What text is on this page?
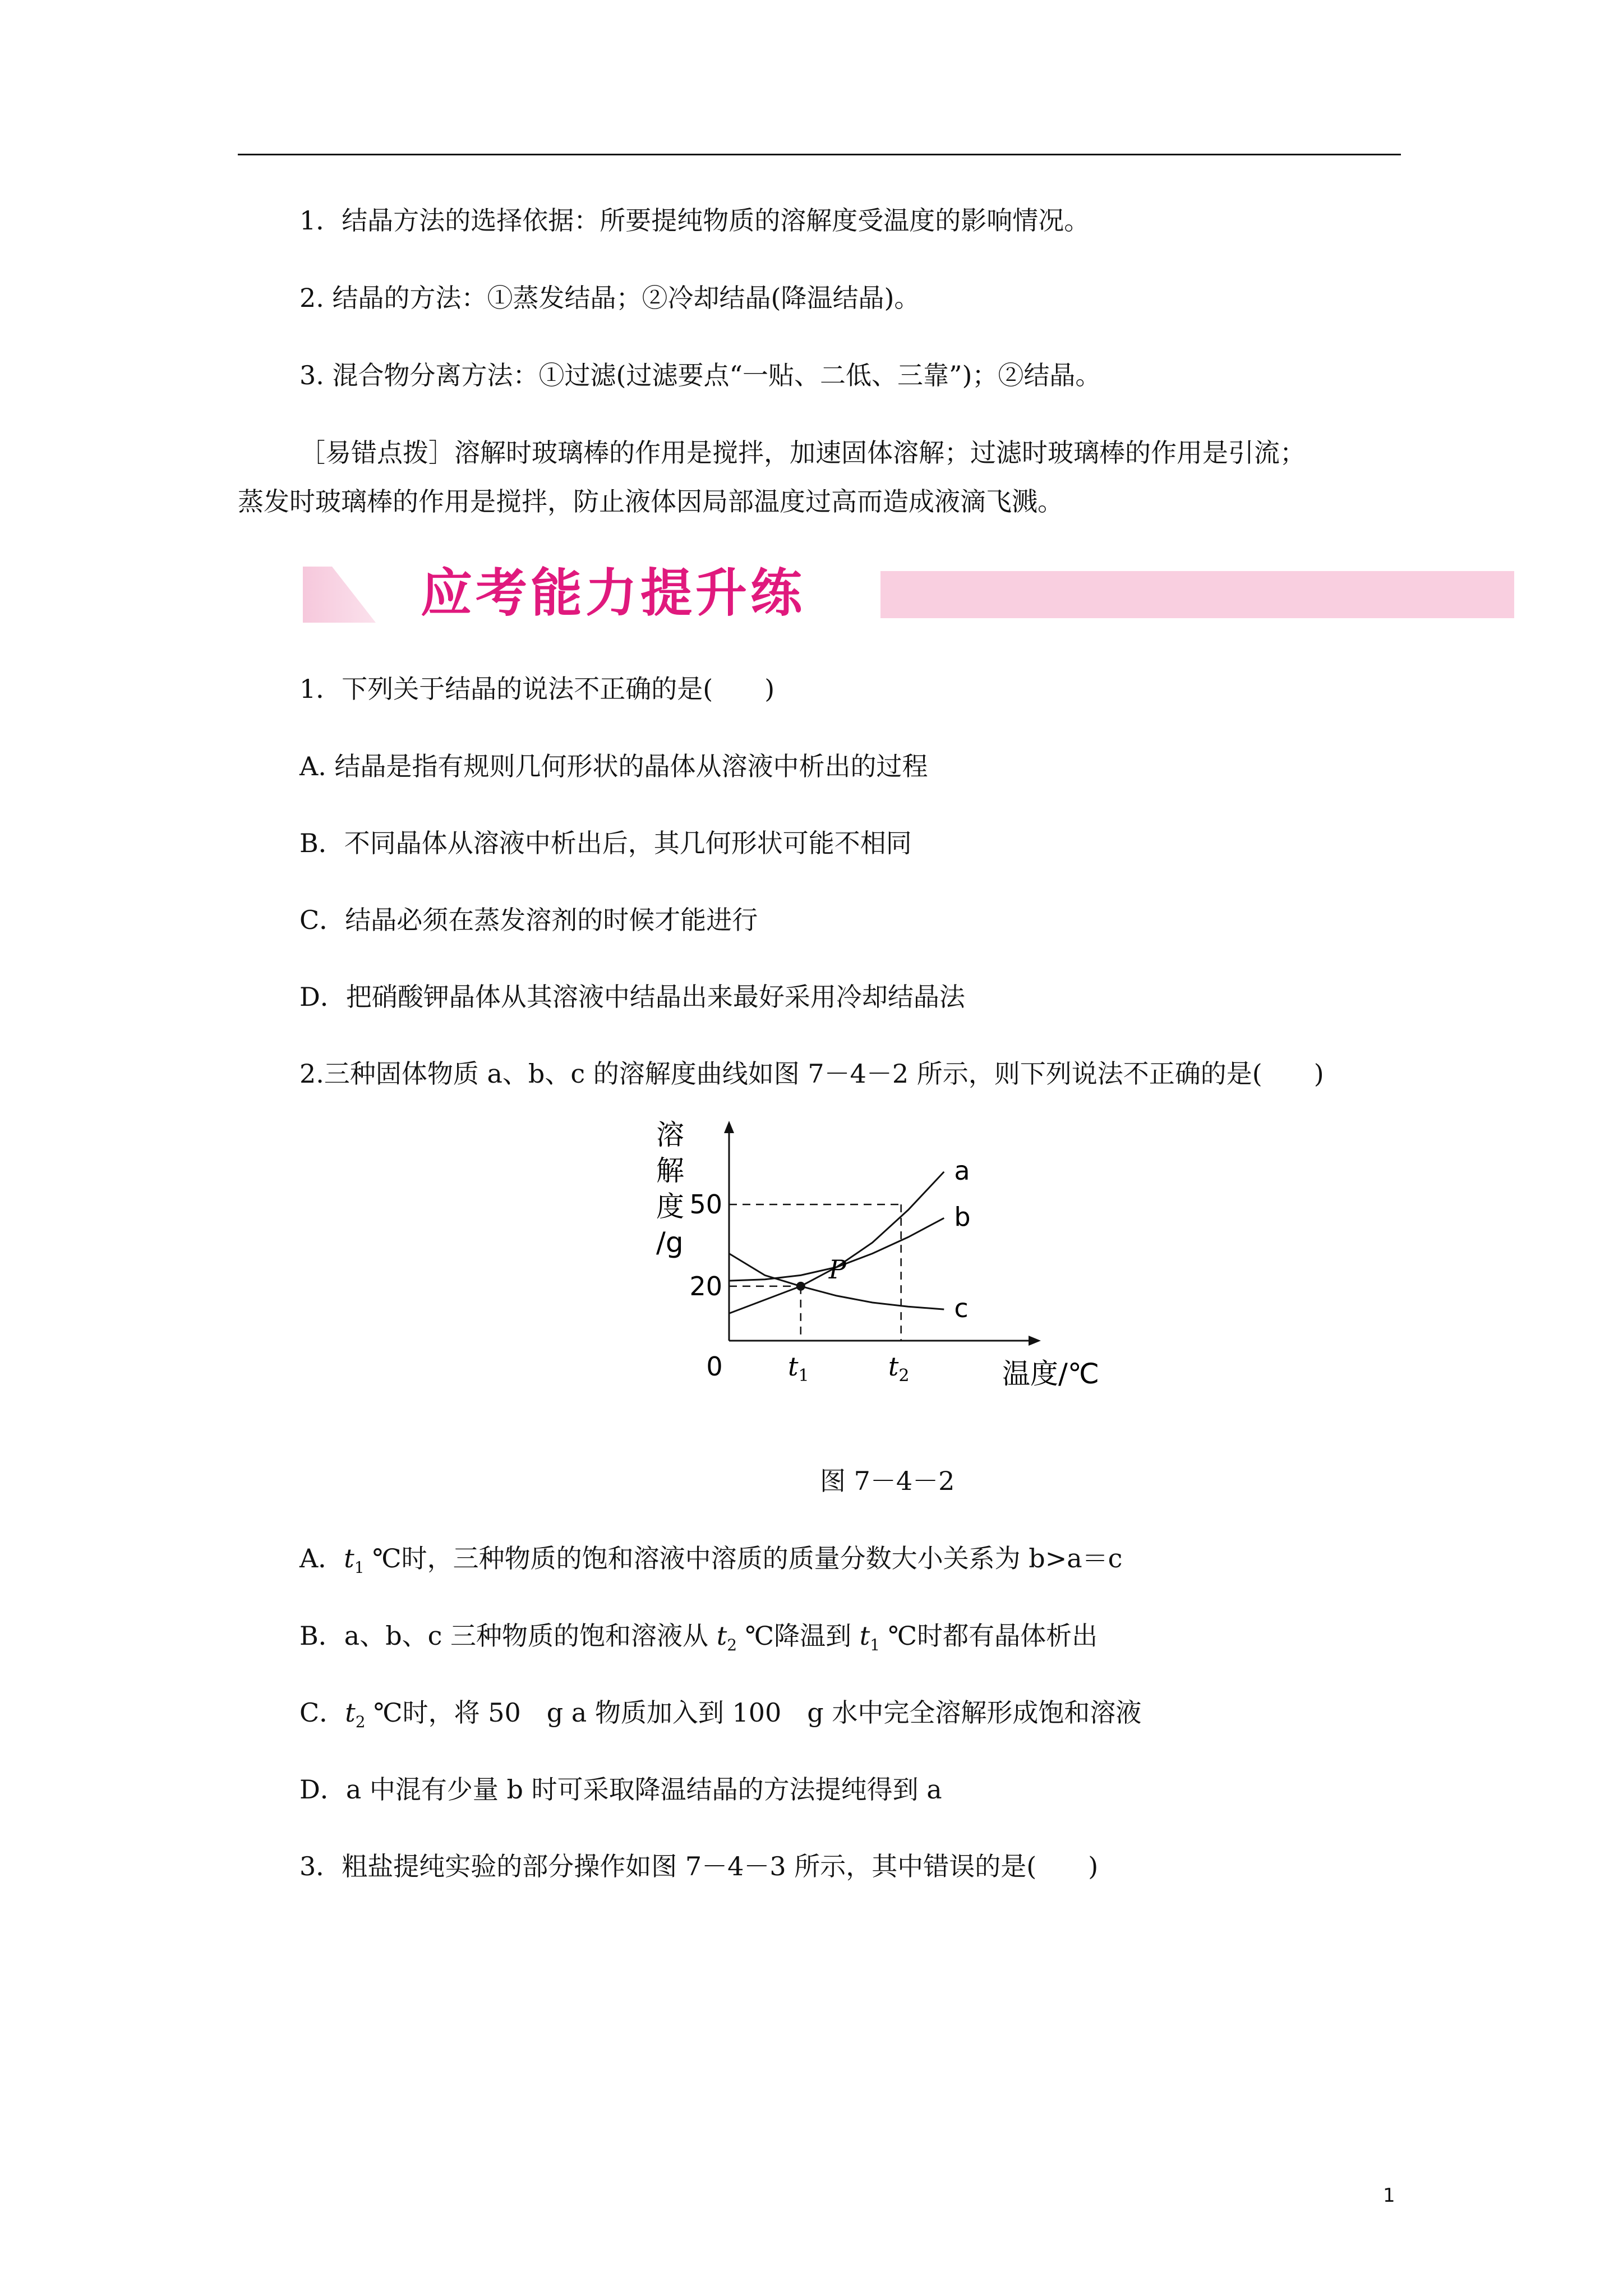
1．结晶方法的选择依据：所要提纯物质的溶解度受温度的影响情况。
2. 结晶的方法：①蒸发结晶；②冷却结晶(降温结晶)。
3. 混合物分离方法：①过滤(过滤要点“一贴、二低、三靠”)；②结晶。
［易错点拨］溶解时玻璃棒的作用是搅拌，加速固体溶解；过滤时玻璃棒的作用是引流；
蒸发时玻璃棒的作用是搅拌，防止液体因局部温度过高而造成液滴飞溅。
应考能力提升练
1．下列关于结晶的说法不正确的是(　　)
A. 结晶是指有规则几何形状的晶体从溶液中析出的过程
B．不同晶体从溶液中析出后，其几何形状可能不相同
C．结晶必须在蒸发溶剂的时候才能进行
D．把硝酸钾晶体从其溶液中结晶出来最好采用冷却结晶法
2.三种固体物质 a、b、c 的溶解度曲线如图 7－4－2 所示，则下列说法不正确的是(　　)
a
b
c
P
50
20
0	$t_1$	$t_2$	温度/℃
溶
解
度
/g
图 7－4－2
A．$t_1$ ℃时，三种物质的饱和溶液中溶质的质量分数大小关系为 b>a＝c
B．a、b、c 三种物质的饱和溶液从 $t_2$ ℃降温到 $t_1$ ℃时都有晶体析出
C．$t_2$ ℃时，将 50　g a 物质加入到 100　g 水中完全溶解形成饱和溶液
D．a 中混有少量 b 时可采取降温结晶的方法提纯得到 a
3．粗盐提纯实验的部分操作如图 7－4－3 所示，其中错误的是(　　)
1
